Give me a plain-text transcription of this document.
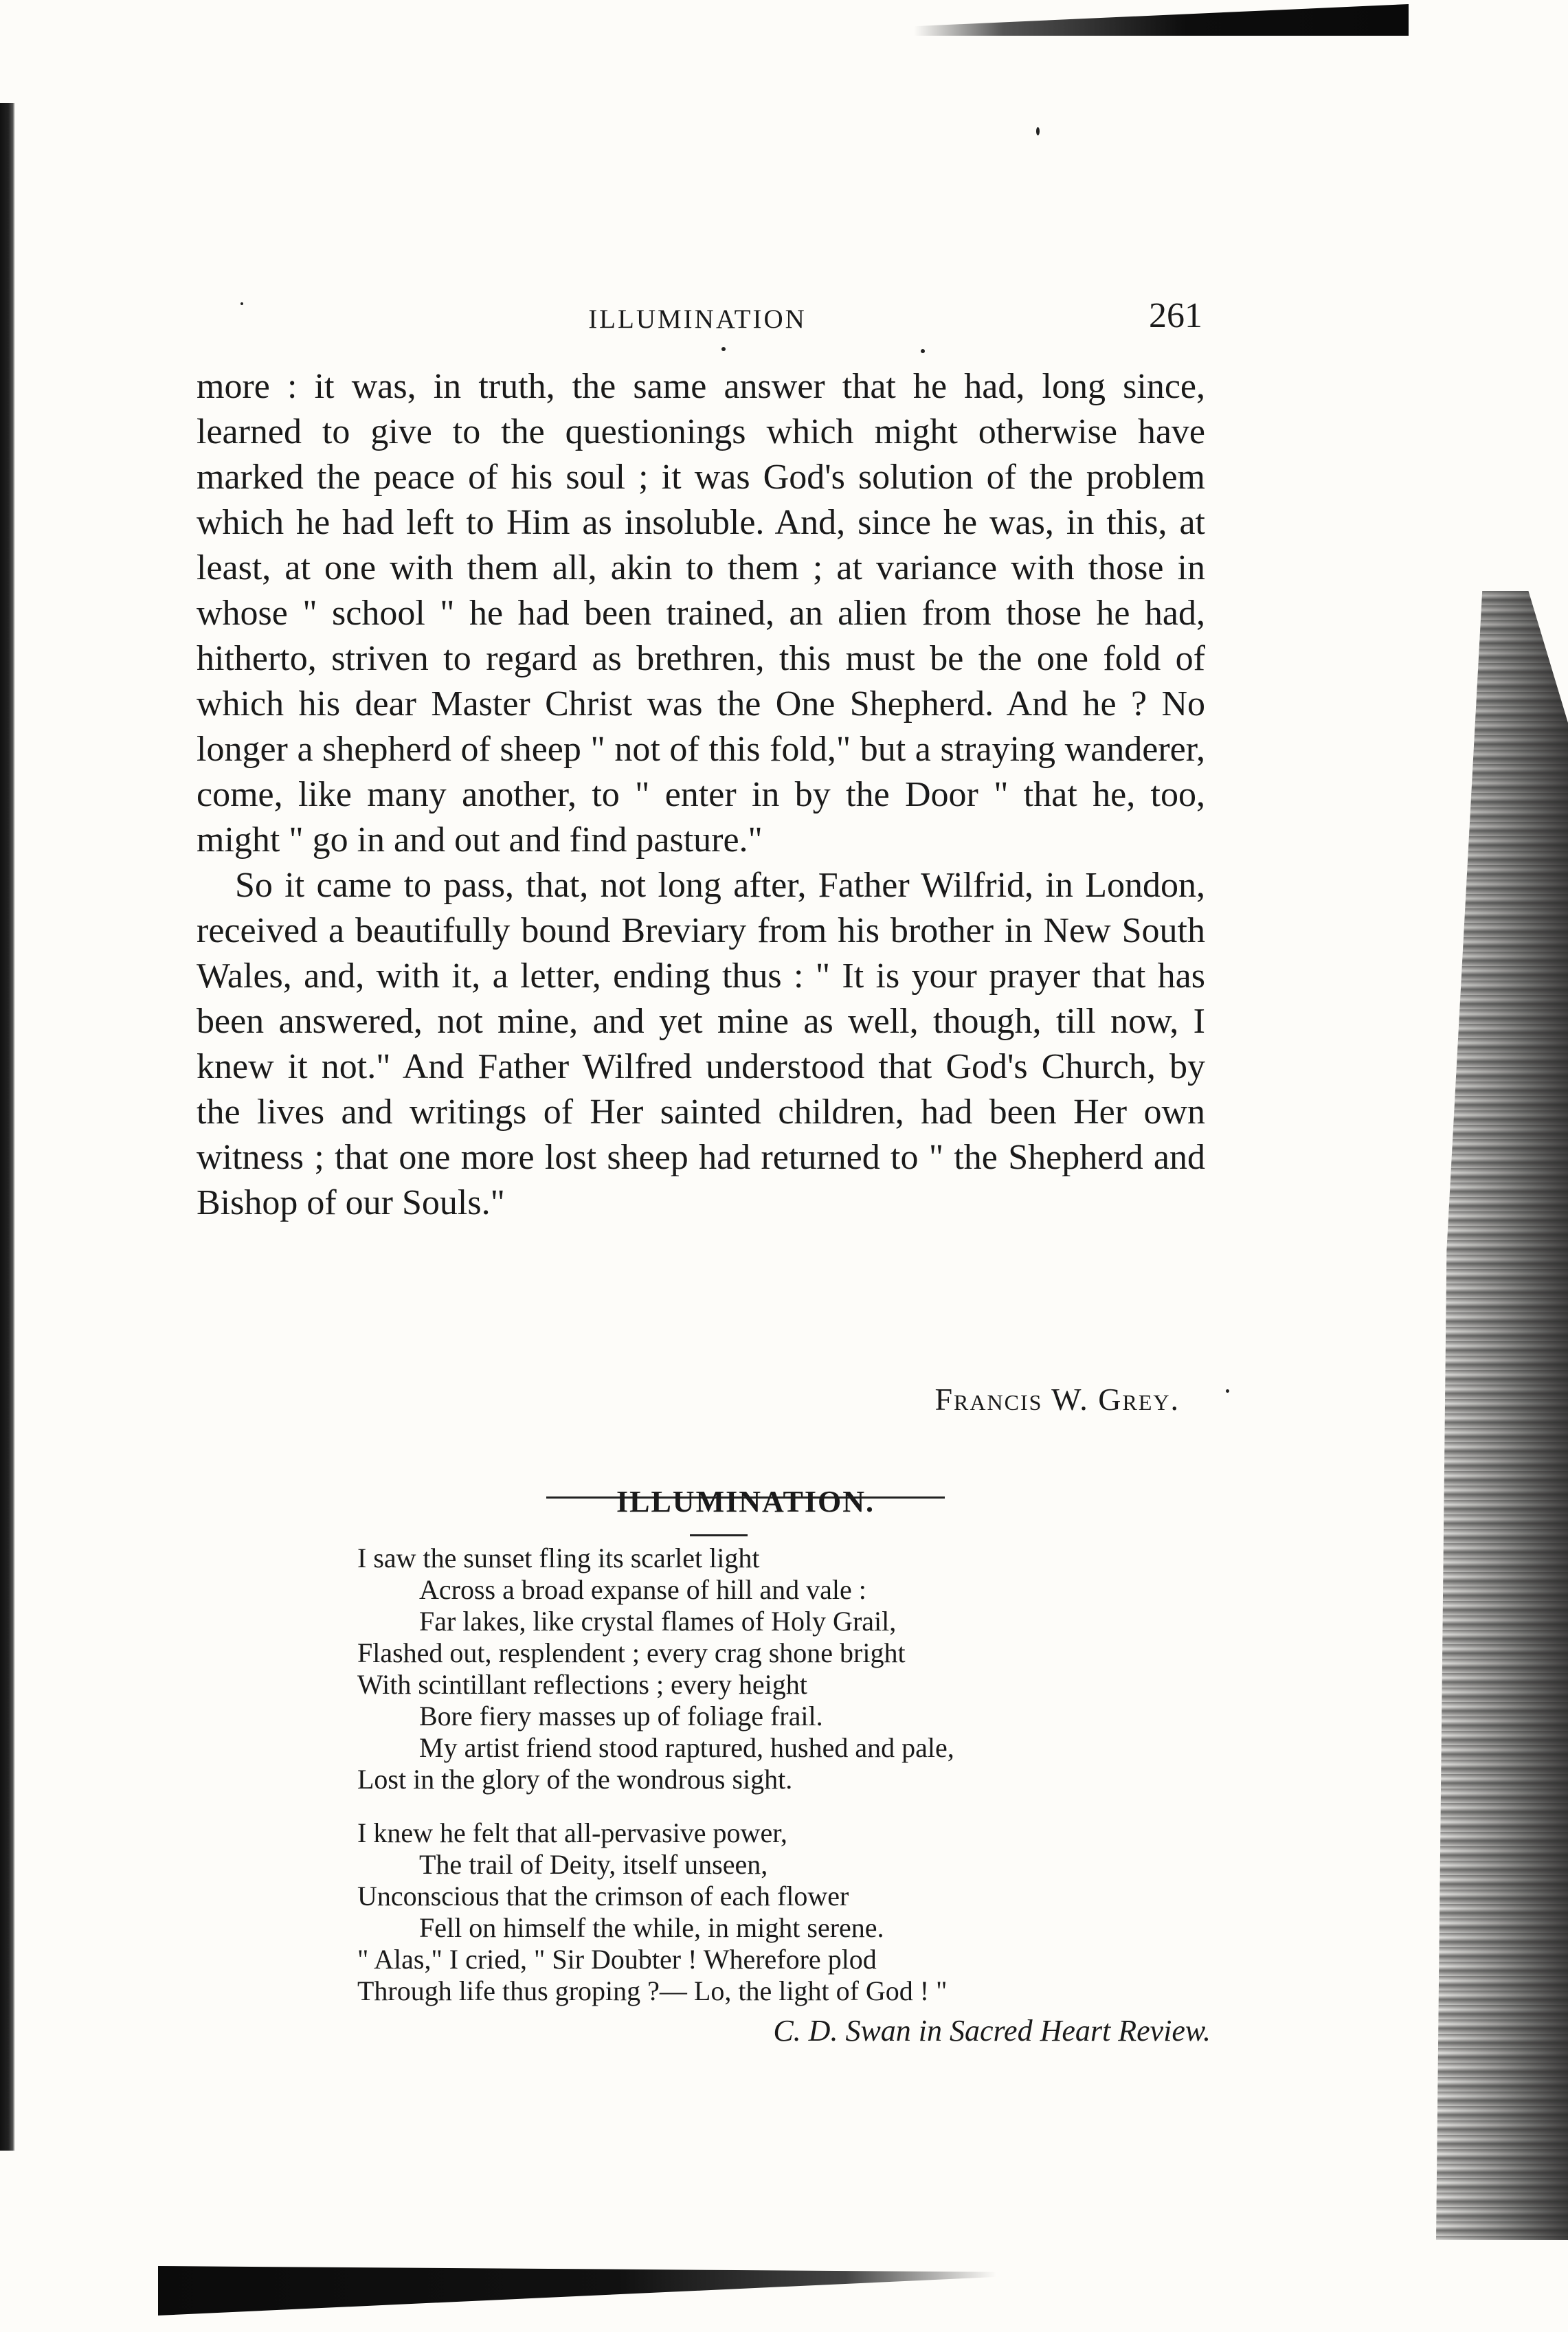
ILLUMINATION	261

more : it was, in truth, the same answer that he had, long since, learned to give to the questionings which might otherwise have marked the peace of his soul ; it was God's solution of the problem which he had left to Him as insoluble. And, since he was, in this, at least, at one with them all, akin to them ; at variance with those in whose " school " he had been trained, an alien from those he had, hitherto, striven to regard as brethren, this must be the one fold of which his dear Master Christ was the One Shepherd. And he ? No longer a shepherd of sheep " not of this fold," but a straying wanderer, come, like many another, to " enter in by the Door " that he, too, might " go in and out and find pasture."

So it came to pass, that, not long after, Father Wilfrid, in London, received a beautifully bound Breviary from his brother in New South Wales, and, with it, a letter, ending thus : " It is your prayer that has been answered, not mine, and yet mine as well, though, till now, I knew it not." And Father Wilfred understood that God's Church, by the lives and writings of Her sainted children, had been Her own witness ; that one more lost sheep had returned to " the Shepherd and Bishop of our Souls."

Francis W. Grey.
ILLUMINATION.
I saw the sunset fling its scarlet light
Across a broad expanse of hill and vale :
Far lakes, like crystal flames of Holy Grail,
Flashed out, resplendent ; every crag shone bright
With scintillant reflections ; every height
Bore fiery masses up of foliage frail.
My artist friend stood raptured, hushed and pale,
Lost in the glory of the wondrous sight.
I knew he felt that all-pervasive power,
The trail of Deity, itself unseen,
Unconscious that the crimson of each flower
Fell on himself the while, in might serene.
" Alas," I cried, " Sir Doubter ! Wherefore plod
Through life thus groping ?— Lo, the light of God ! "
C. D. Swan in Sacred Heart Review.
